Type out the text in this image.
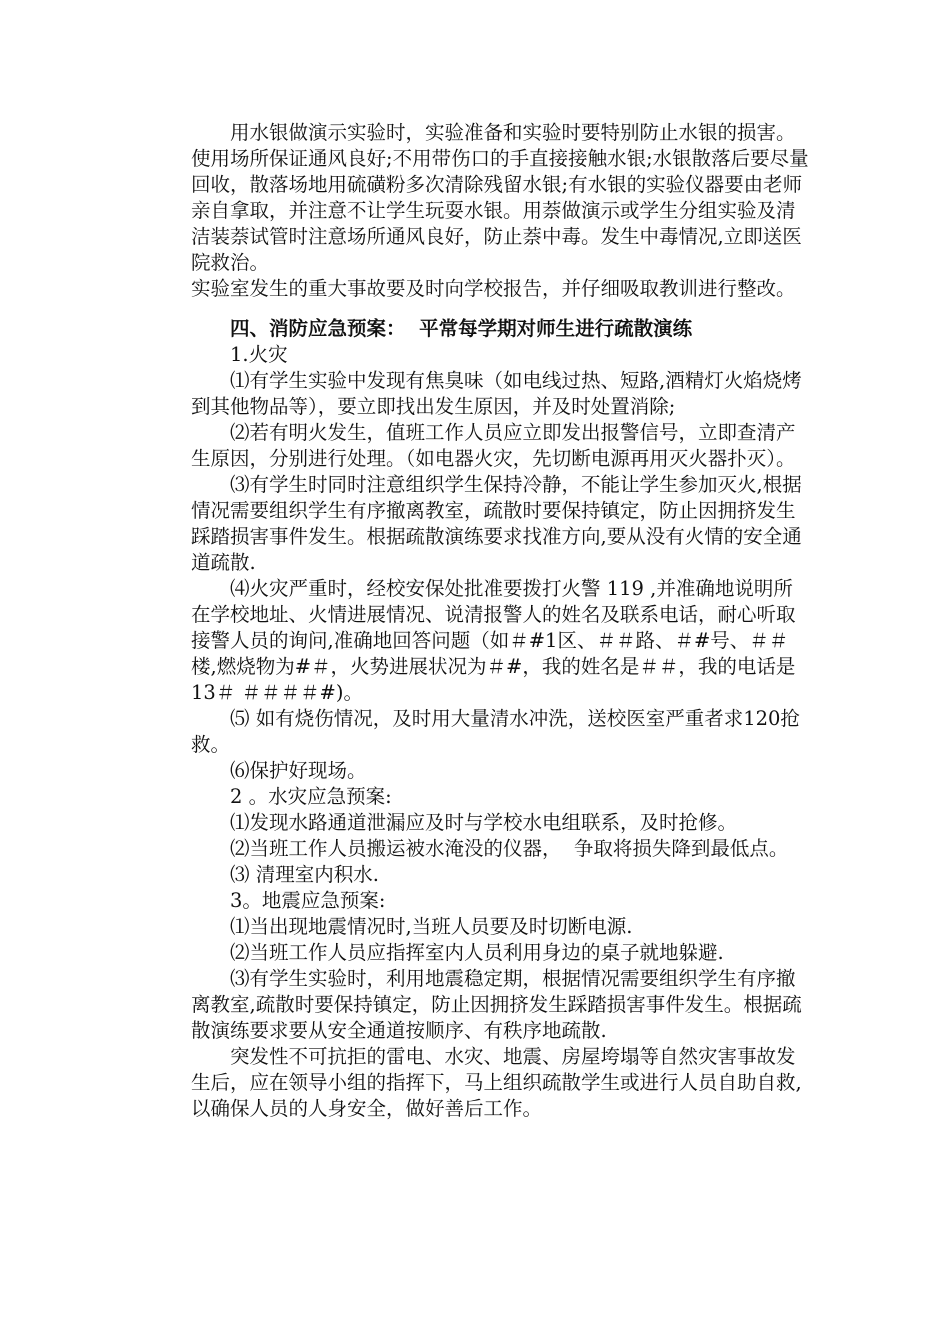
用水银做演示实验时，实验准备和实验时要特别防止水银的损害。使用场所保证通风良好;不用带伤口的手直接接触水银;水银散落后要尽量回收，散落场地用硫磺粉多次清除残留水银;有水银的实验仪器要由老师亲自拿取，并注意不让学生玩耍水银。用萘做演示或学生分组实验及清洁装萘试管时注意场所通风良好，防止萘中毒。发生中毒情况,立即送医院救治。

实验室发生的重大事故要及时向学校报告，并仔细吸取教训进行整改。

四、消防应急预案：  平常每学期对师生进行疏散演练

1.火灾

⑴有学生实验中发现有焦臭味（如电线过热、短路,酒精灯火焰烧烤到其他物品等），要立即找出发生原因，并及时处置消除;

⑵若有明火发生，值班工作人员应立即发出报警信号，立即查清产生原因，分别进行处理。（如电器火灾，先切断电源再用灭火器扑灭）。

⑶有学生时同时注意组织学生保持冷静，不能让学生参加灭火,根据情况需要组织学生有序撤离教室，疏散时要保持镇定，防止因拥挤发生踩踏损害事件发生。根据疏散演练要求找准方向,要从没有火情的安全通道疏散.

⑷火灾严重时，经校安保处批准要拨打火警 119 ,并准确地说明所在学校地址、火情进展情况、说清报警人的姓名及联系电话，耐心听取接警人员的询问,准确地回答问题（如＃#1区、＃＃路、＃#号、＃＃楼,燃烧物为#＃，火势进展状况为＃#，我的姓名是＃＃，我的电话是 13＃ ＃＃＃＃#)。

⑸ 如有烧伤情况，及时用大量清水冲洗，送校医室严重者求120抢救。

⑹保护好现场。

2 。水灾应急预案:

⑴发现水路通道泄漏应及时与学校水电组联系，及时抢修。

⑵当班工作人员搬运被水淹没的仪器，  争取将损失降到最低点。

⑶ 清理室内积水.

3。地震应急预案:

⑴当出现地震情况时,当班人员要及时切断电源.

⑵当班工作人员应指挥室内人员利用身边的桌子就地躲避.

⑶有学生实验时，利用地震稳定期，根据情况需要组织学生有序撤离教室,疏散时要保持镇定，防止因拥挤发生踩踏损害事件发生。根据疏散演练要求要从安全通道按顺序、有秩序地疏散.

突发性不可抗拒的雷电、水灾、地震、房屋垮塌等自然灾害事故发生后，应在领导小组的指挥下，马上组织疏散学生或进行人员自助自救,以确保人员的人身安全，做好善后工作。
